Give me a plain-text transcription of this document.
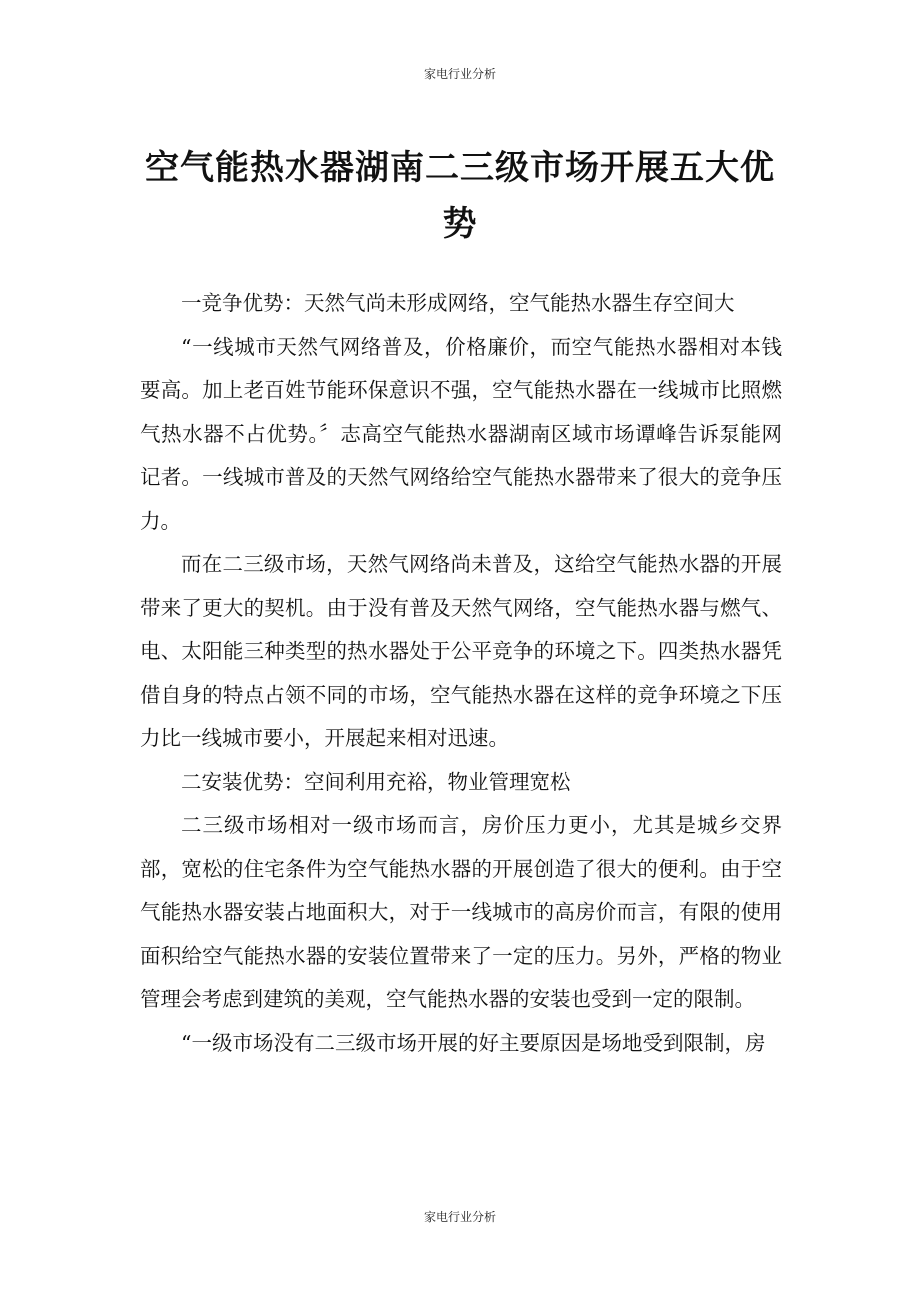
家电行业分析
空气能热水器湖南二三级市场开展五大优势

一竞争优势：天然气尚未形成网络，空气能热水器生存空间大

“一线城市天然气网络普及，价格廉价，而空气能热水器相对本钱要高。加上老百姓节能环保意识不强，空气能热水器在一线城市比照燃气热水器不占优势。〞志高空气能热水器湖南区域市场谭峰告诉泵能网记者。一线城市普及的天然气网络给空气能热水器带来了很大的竞争压力。

而在二三级市场，天然气网络尚未普及，这给空气能热水器的开展带来了更大的契机。由于没有普及天然气网络，空气能热水器与燃气、电、太阳能三种类型的热水器处于公平竞争的环境之下。四类热水器凭借自身的特点占领不同的市场，空气能热水器在这样的竞争环境之下压力比一线城市要小，开展起来相对迅速。

二安装优势：空间利用充裕，物业管理宽松

二三级市场相对一级市场而言，房价压力更小，尤其是城乡交界部，宽松的住宅条件为空气能热水器的开展创造了很大的便利。由于空气能热水器安装占地面积大，对于一线城市的高房价而言，有限的使用面积给空气能热水器的安装位置带来了一定的压力。另外，严格的物业管理会考虑到建筑的美观，空气能热水器的安装也受到一定的限制。

“一级市场没有二三级市场开展的好主要原因是场地受到限制，房

家电行业分析
